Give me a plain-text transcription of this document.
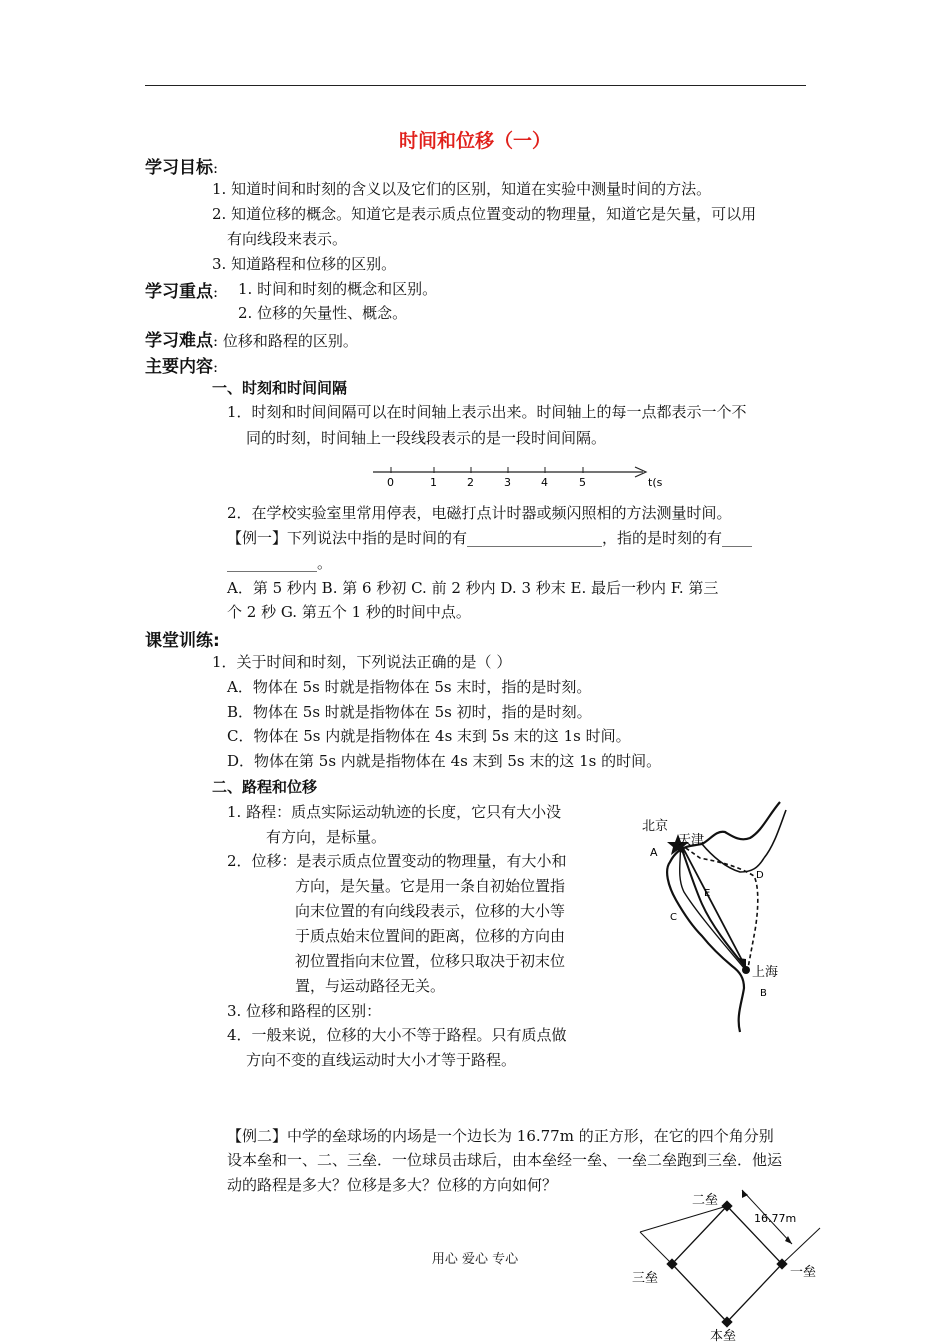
时间和位移（一）
学习目标:
1. 知道时间和时刻的含义以及它们的区别，知道在实验中测量时间的方法。
2. 知道位移的概念。知道它是表示质点位置变动的物理量，知道它是矢量，可以用
有向线段来表示。
3. 知道路程和位移的区别。
学习重点: 1. 时间和时刻的概念和区别。
2. 位移的矢量性、概念。
学习难点: 位移和路程的区别。
主要内容:
一、时刻和时间间隔
1．时刻和时间间隔可以在时间轴上表示出来。时间轴上的每一点都表示一个不
同的时刻，时间轴上一段线段表示的是一段时间间隔。
0	1	2	3	4	5	t(s
2．在学校实验室里常用停表，电磁打点计时器或频闪照相的方法测量时间。
【例一】下列说法中指的是时间的有__________________，指的是时刻的有____
____________。
A．第 5 秒内 B. 第 6 秒初 C. 前 2 秒内 D. 3 秒末 E. 最后一秒内 F. 第三
个 2 秒 G. 第五个 1 秒的时间中点。
课堂训练:
1．关于时间和时刻，下列说法正确的是（ ）
A．物体在 5s 时就是指物体在 5s 末时，指的是时刻。
B．物体在 5s 时就是指物体在 5s 初时，指的是时刻。
C．物体在 5s 内就是指物体在 4s 末到 5s 末的这 1s 时间。
D．物体在第 5s 内就是指物体在 4s 末到 5s 末的这 1s 的时间。
二、路程和位移
1. 路程：质点实际运动轨迹的长度，它只有大小没
有方向，是标量。
2．位移：是表示质点位置变动的物理量，有大小和
方向，是矢量。它是用一条自初始位置指
向末位置的有向线段表示，位移的大小等
于质点始末位置间的距离，位移的方向由
初位置指向末位置，位移只取决于初末位
置，与运动路径无关。
3. 位移和路程的区别：
4．一般来说，位移的大小不等于路程。只有质点做
方向不变的直线运动时大小才等于路程。
北京
天津
A
D
E
C
上海
B
【例二】中学的垒球场的内场是一个边长为 16.77m 的正方形，在它的四个角分别
设本垒和一、二、三垒．一位球员击球后，由本垒经一垒、一垒二垒跑到三垒．他运
动的路程是多大？位移是多大？位移的方向如何？
二垒
16.77m
一垒
三垒
本垒
用心 爱心 专心
